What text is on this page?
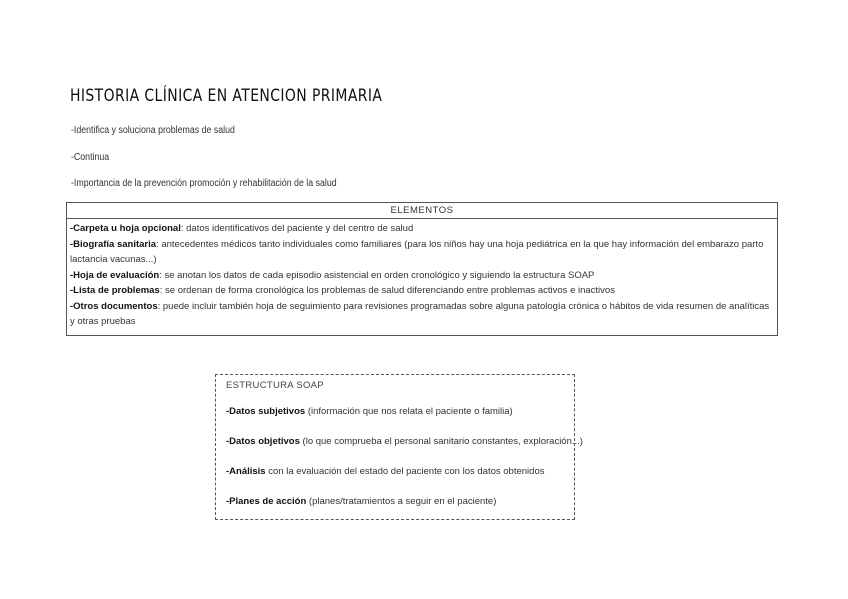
HISTORIA CLÍNICA EN ATENCION PRIMARIA
-Identifica y soluciona problemas de salud
-Continua
-Importancia de la prevención promoción y rehabilitación de la salud
ELEMENTOS

-Carpeta u hoja opcional: datos identificativos del paciente y del centro de salud

-Biografía sanitaria: antecedentes médicos tanto individuales como familiares (para los niños hay una hoja pediátrica en la que hay información del embarazo parto lactancia vacunas...)

-Hoja de evaluación: se anotan los datos de cada episodio asistencial en orden cronológico y siguiendo la estructura SOAP

-Lista de problemas: se ordenan de forma cronológica los problemas de salud diferenciando entre problemas activos e inactivos

-Otros documentos: puede incluir también hoja de seguimiento para revisiones programadas sobre alguna patología crónica o hábitos de vida resumen de analíticas y otras pruebas

ESTRUCTURA SOAP
-Datos subjetivos (información que nos relata el paciente o familia)
-Datos objetivos (lo que comprueba el personal sanitario constantes, exploración...)
-Análisis con la evaluación del estado del paciente con los datos obtenidos
-Planes de acción (planes/tratamientos a seguir en el paciente)
